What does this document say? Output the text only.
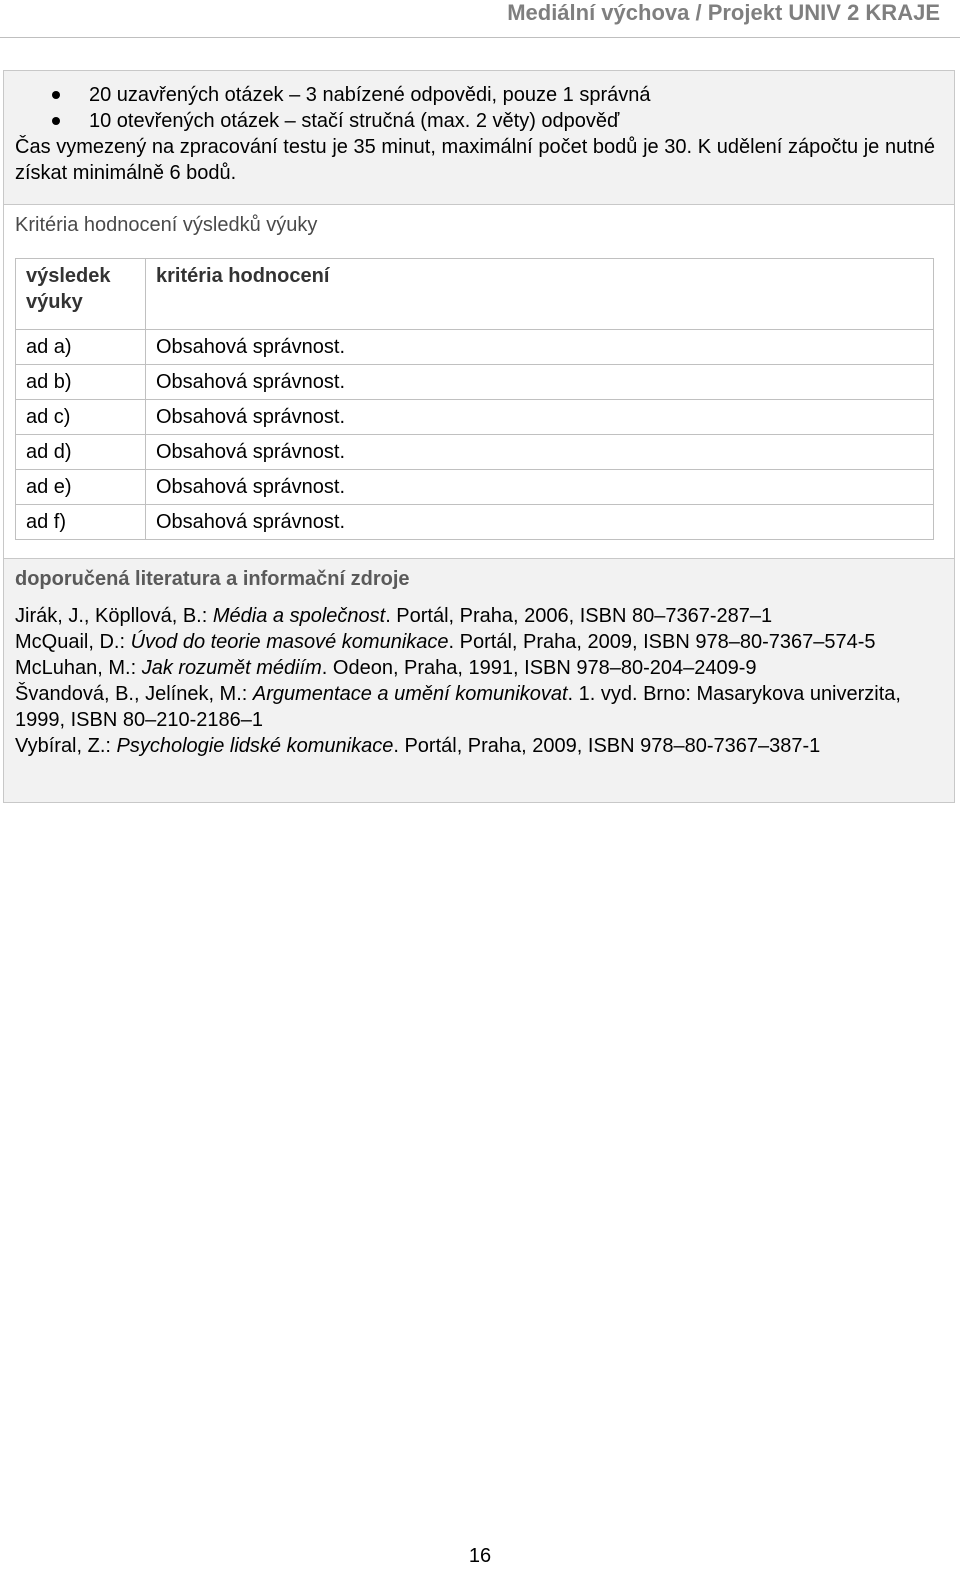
Mediální výchova / Projekt UNIV 2 KRAJE
20 uzavřených otázek – 3 nabízené odpovědi, pouze 1 správná
10 otevřených otázek – stačí stručná (max. 2 věty) odpověď
Čas vymezený na zpracování testu je 35 minut, maximální počet bodů je 30. K udělení zápočtu je nutné získat minimálně 6 bodů.
Kritéria hodnocení výsledků výuky
výsledek výuky	kritéria hodnocení
ad a)	Obsahová správnost.
ad b)	Obsahová správnost.
ad c)	Obsahová správnost.
ad d)	Obsahová správnost.
ad e)	Obsahová správnost.
ad f)	Obsahová správnost.
doporučená literatura a informační zdroje
Jirák, J., Köpllová, B.: Média a společnost. Portál, Praha, 2006, ISBN 80–7367-287–1
McQuail, D.: Úvod do teorie masové komunikace. Portál, Praha, 2009, ISBN 978–80-7367–574-5
McLuhan, M.: Jak rozumět médiím. Odeon, Praha, 1991, ISBN 978–80-204–2409-9
Švandová, B., Jelínek, M.: Argumentace a umění komunikovat. 1. vyd. Brno: Masarykova univerzita, 1999, ISBN 80–210-2186–1
Vybíral, Z.: Psychologie lidské komunikace. Portál, Praha, 2009, ISBN 978–80-7367–387-1
16
